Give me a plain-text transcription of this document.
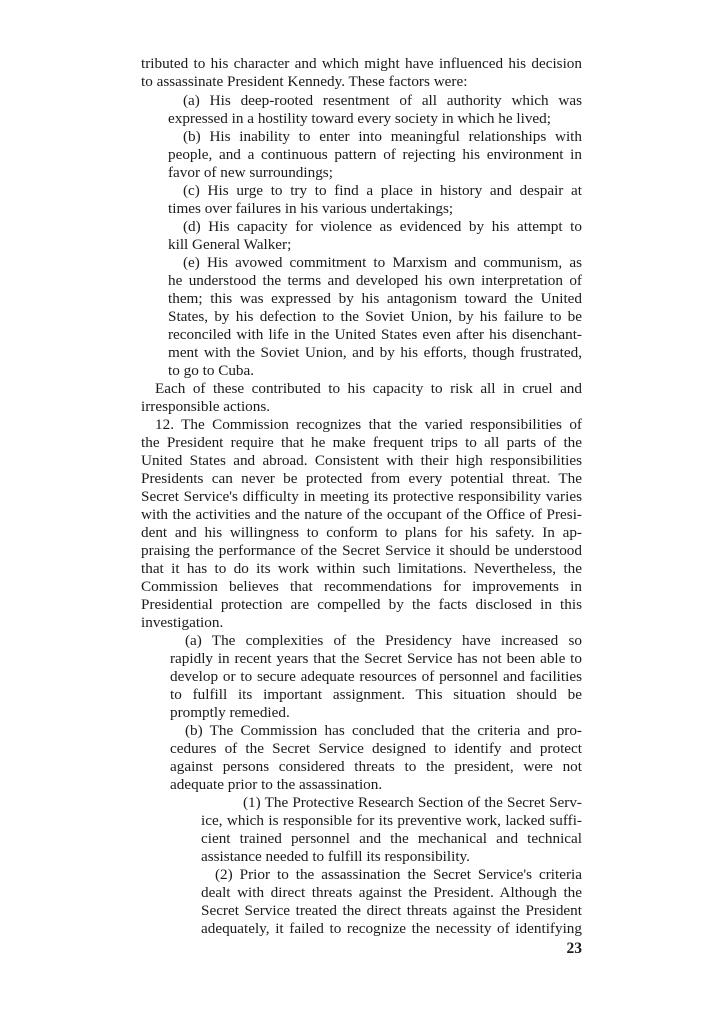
tributed to his character and which might have influenced his decision
to assassinate President Kennedy. These factors were:
(a) His deep-rooted resentment of all authority which was
expressed in a hostility toward every society in which he lived;
(b) His inability to enter into meaningful relationships with
people, and a continuous pattern of rejecting his environment in
favor of new surroundings;
(c) His urge to try to find a place in history and despair at
times over failures in his various undertakings;
(d) His capacity for violence as evidenced by his attempt to
kill General Walker;
(e) His avowed commitment to Marxism and communism, as
he understood the terms and developed his own interpretation of
them; this was expressed by his antagonism toward the United
States, by his defection to the Soviet Union, by his failure to be
reconciled with life in the United States even after his disenchant-
ment with the Soviet Union, and by his efforts, though frustrated,
to go to Cuba.
Each of these contributed to his capacity to risk all in cruel and
irresponsible actions.
12. The Commission recognizes that the varied responsibilities of
the President require that he make frequent trips to all parts of the
United States and abroad. Consistent with their high responsibilities
Presidents can never be protected from every potential threat. The
Secret Service's difficulty in meeting its protective responsibility varies
with the activities and the nature of the occupant of the Office of Presi-
dent and his willingness to conform to plans for his safety. In ap-
praising the performance of the Secret Service it should be understood
that it has to do its work within such limitations. Nevertheless, the
Commission believes that recommendations for improvements in
Presidential protection are compelled by the facts disclosed in this
investigation.
(a) The complexities of the Presidency have increased so
rapidly in recent years that the Secret Service has not been able to
develop or to secure adequate resources of personnel and facilities
to fulfill its important assignment. This situation should be
promptly remedied.
(b) The Commission has concluded that the criteria and pro-
cedures of the Secret Service designed to identify and protect
against persons considered threats to the president, were not
adequate prior to the assassination.
(1) The Protective Research Section of the Secret Serv-
ice, which is responsible for its preventive work, lacked suffi-
cient trained personnel and the mechanical and technical
assistance needed to fulfill its responsibility.
(2) Prior to the assassination the Secret Service's criteria
dealt with direct threats against the President. Although the
Secret Service treated the direct threats against the President
adequately, it failed to recognize the necessity of identifying
23
